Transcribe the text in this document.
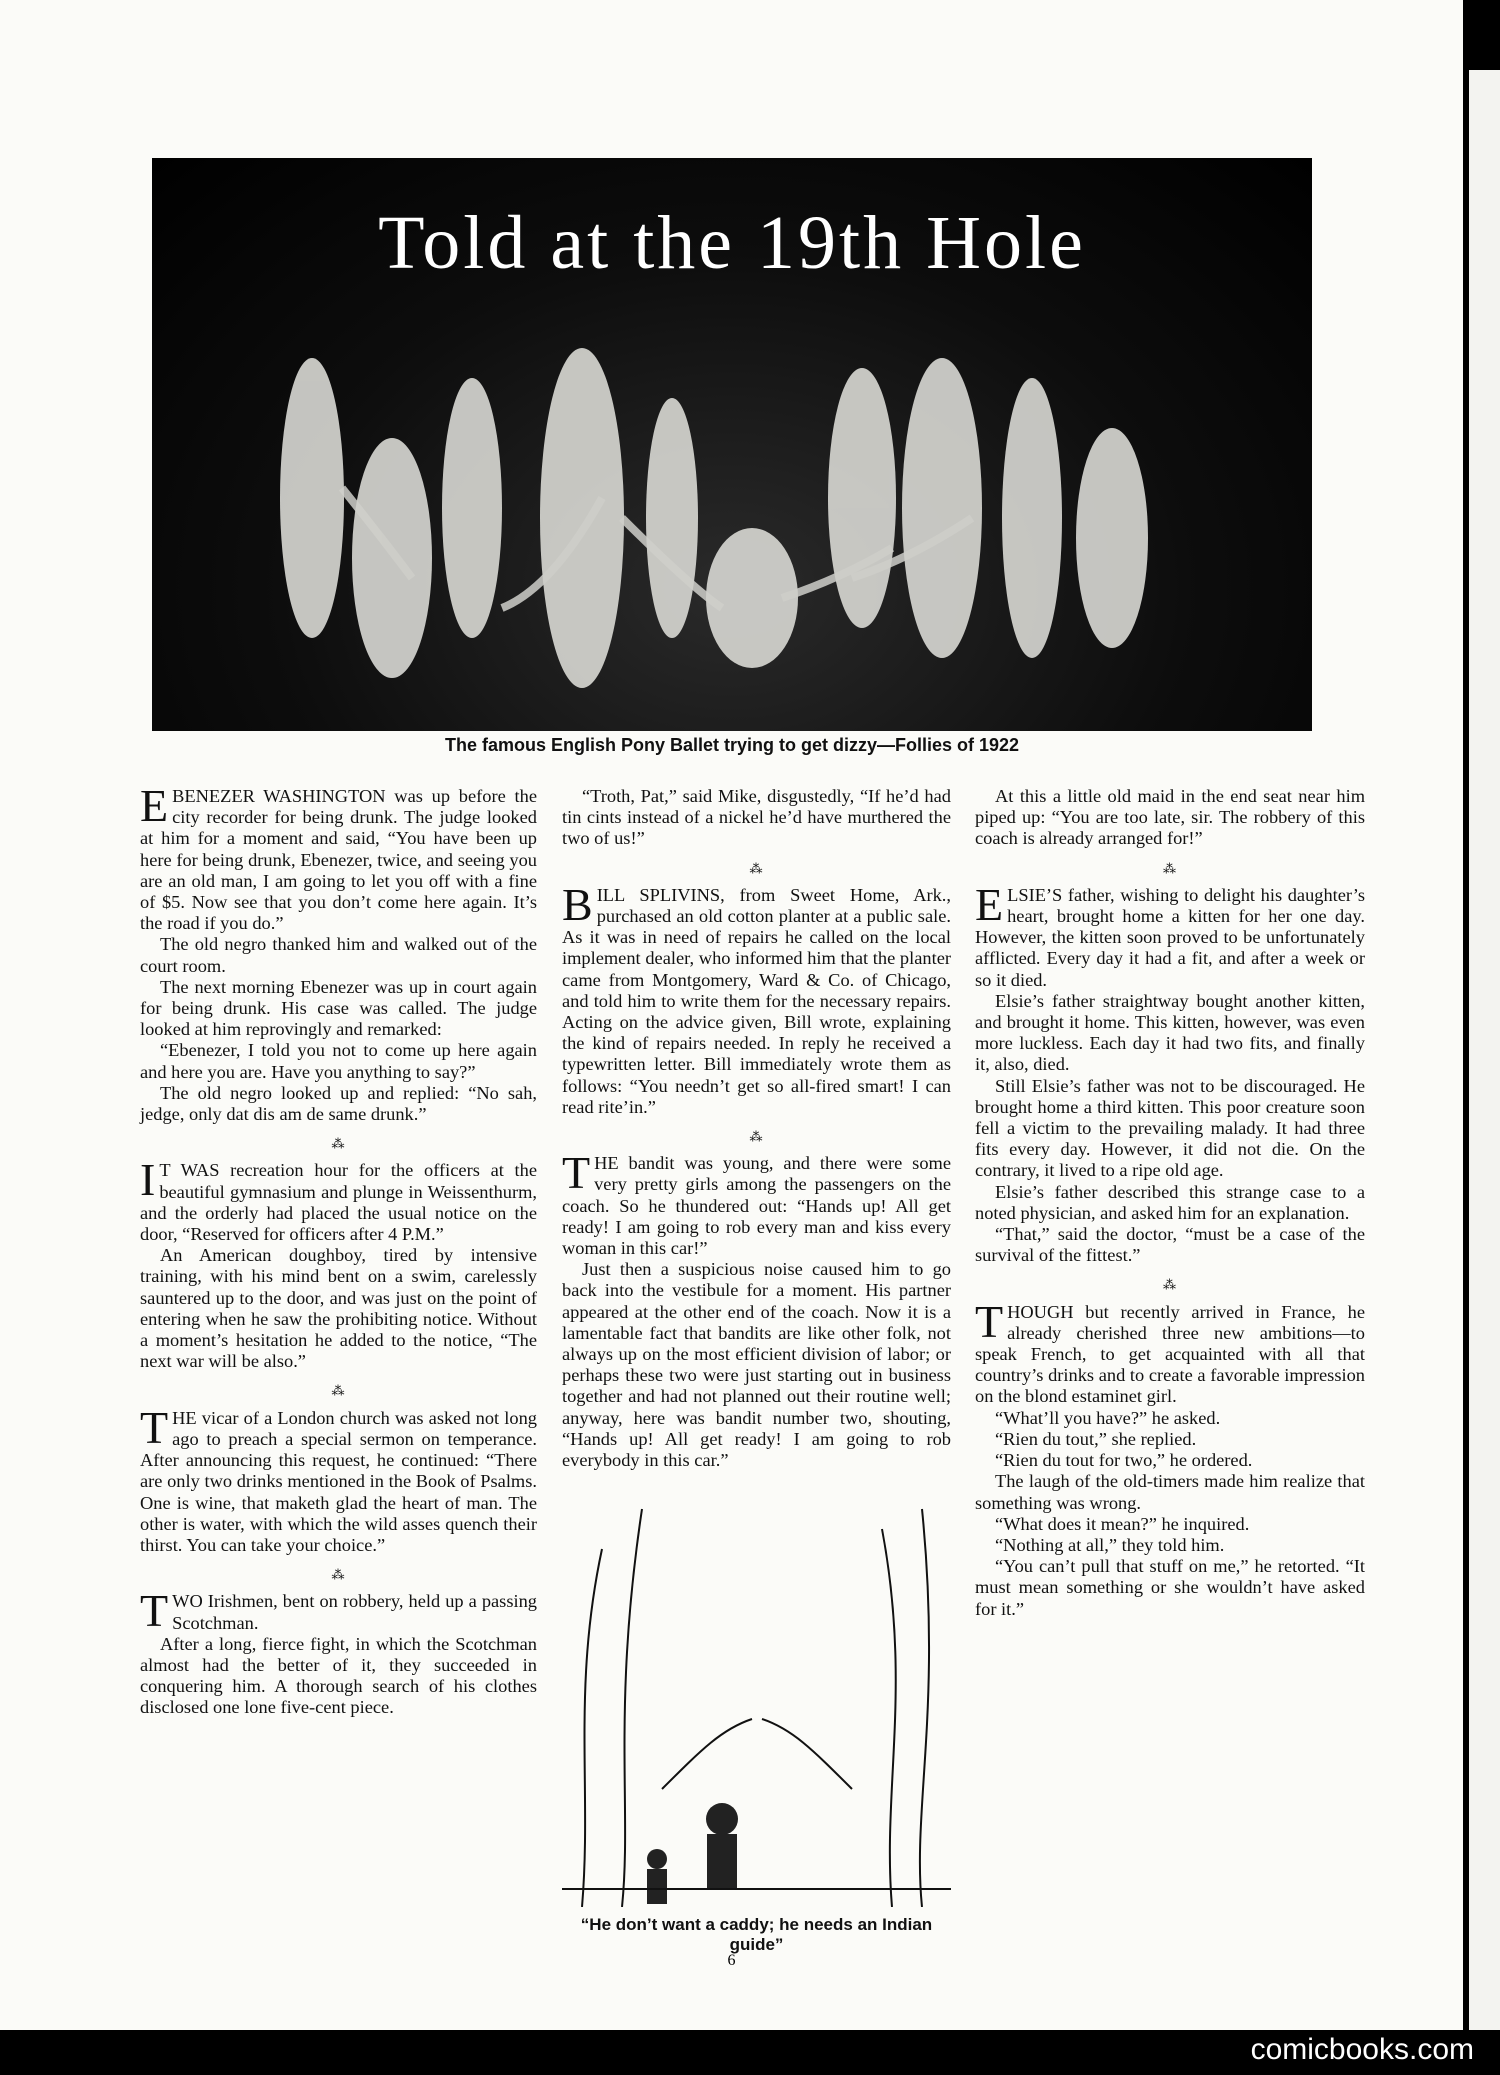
Told at the 19th Hole
The famous English Pony Ballet trying to get dizzy—Follies of 1922

EBENEZER WASHINGTON was up before the city recorder for being drunk. The judge looked at him for a moment and said, “You have been up here for being drunk, Ebenezer, twice, and seeing you are an old man, I am going to let you off with a fine of $5. Now see that you don’t come here again. It’s the road if you do.”

The old negro thanked him and walked out of the court room.

The next morning Ebenezer was up in court again for being drunk. His case was called. The judge looked at him reprovingly and remarked:

“Ebenezer, I told you not to come up here again and here you are. Have you anything to say?”

The old negro looked up and replied: “No sah, jedge, only dat dis am de same drunk.”

⁂

I T WAS recreation hour for the officers at the beautiful gymnasium and plunge in Weissenthurm, and the orderly had placed the usual notice on the door, “Reserved for officers after 4 P.M.”

An American doughboy, tired by intensive training, with his mind bent on a swim, carelessly sauntered up to the door, and was just on the point of entering when he saw the prohibiting notice. Without a moment’s hesitation he added to the notice, “The next war will be also.”

⁂

THE vicar of a London church was asked not long ago to preach a special sermon on temperance. After announcing this request, he continued: “There are only two drinks mentioned in the Book of Psalms. One is wine, that maketh glad the heart of man. The other is water, with which the wild asses quench their thirst. You can take your choice.”

⁂

TWO Irishmen, bent on robbery, held up a passing Scotchman.

After a long, fierce fight, in which the Scotchman almost had the better of it, they succeeded in conquering him. A thorough search of his clothes disclosed one lone five-cent piece.

“Troth, Pat,” said Mike, disgustedly, “If he’d had tin cints instead of a nickel he’d have murthered the two of us!”

⁂

BILL SPLIVINS, from Sweet Home, Ark., purchased an old cotton planter at a public sale. As it was in need of repairs he called on the local implement dealer, who informed him that the planter came from Montgomery, Ward & Co. of Chicago, and told him to write them for the necessary repairs. Acting on the advice given, Bill wrote, explaining the kind of repairs needed. In reply he received a typewritten letter. Bill immediately wrote them as follows: “You needn’t get so all-fired smart! I can read rite’in.”

⁂

THE bandit was young, and there were some very pretty girls among the passengers on the coach. So he thundered out: “Hands up! All get ready! I am going to rob every man and kiss every woman in this car!”

Just then a suspicious noise caused him to go back into the vestibule for a moment. His partner appeared at the other end of the coach. Now it is a lamentable fact that bandits are like other folk, not always up on the most efficient division of labor; or perhaps these two were just starting out in business together and had not planned out their routine well; anyway, here was bandit number two, shouting, “Hands up! All get ready! I am going to rob everybody in this car.”

“He don’t want a caddy; he needs an Indian guide”

At this a little old maid in the end seat near him piped up: “You are too late, sir. The robbery of this coach is already arranged for!”

⁂

ELSIE’S father, wishing to delight his daughter’s heart, brought home a kitten for her one day. However, the kitten soon proved to be unfortunately afflicted. Every day it had a fit, and after a week or so it died.

Elsie’s father straightway bought another kitten, and brought it home. This kitten, however, was even more luckless. Each day it had two fits, and finally it, also, died.

Still Elsie’s father was not to be discouraged. He brought home a third kitten. This poor creature soon fell a victim to the prevailing malady. It had three fits every day. However, it did not die. On the contrary, it lived to a ripe old age.

Elsie’s father described this strange case to a noted physician, and asked him for an explanation.

“That,” said the doctor, “must be a case of the survival of the fittest.”

⁂

THOUGH but recently arrived in France, he already cherished three new ambitions—to speak French, to get acquainted with all that country’s drinks and to create a favorable impression on the blond estaminet girl.

“What’ll you have?” he asked.

“Rien du tout,” she replied.

“Rien du tout for two,” he ordered.

The laugh of the old-timers made him realize that something was wrong.

“What does it mean?” he inquired.

“Nothing at all,” they told him.

“You can’t pull that stuff on me,” he retorted. “It must mean something or she wouldn’t have asked for it.”

6
comicbooks.com
